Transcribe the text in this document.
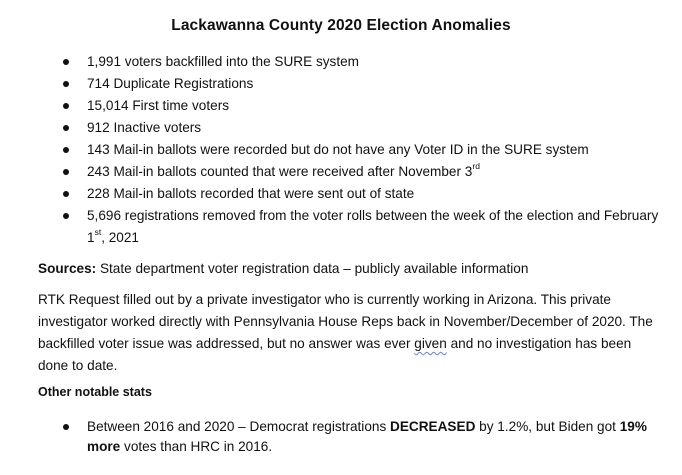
Lackawanna County 2020 Election Anomalies
1,991 voters backfilled into the SURE system
714 Duplicate Registrations
15,014 First time voters
912 Inactive voters
143 Mail-in ballots were recorded but do not have any Voter ID in the SURE system
243 Mail-in ballots counted that were received after November 3rd
228 Mail-in ballots recorded that were sent out of state
5,696 registrations removed from the voter rolls between the week of the election and February 1st, 2021

Sources: State department voter registration data – publicly available information

RTK Request filled out by a private investigator who is currently working in Arizona. This private investigator worked directly with Pennsylvania House Reps back in November/December of 2020. The backfilled voter issue was addressed, but no answer was ever given and no investigation has been done to date.

Other notable stats

Between 2016 and 2020 – Democrat registrations DECREASED by 1.2%, but Biden got 19% more votes than HRC in 2016.
